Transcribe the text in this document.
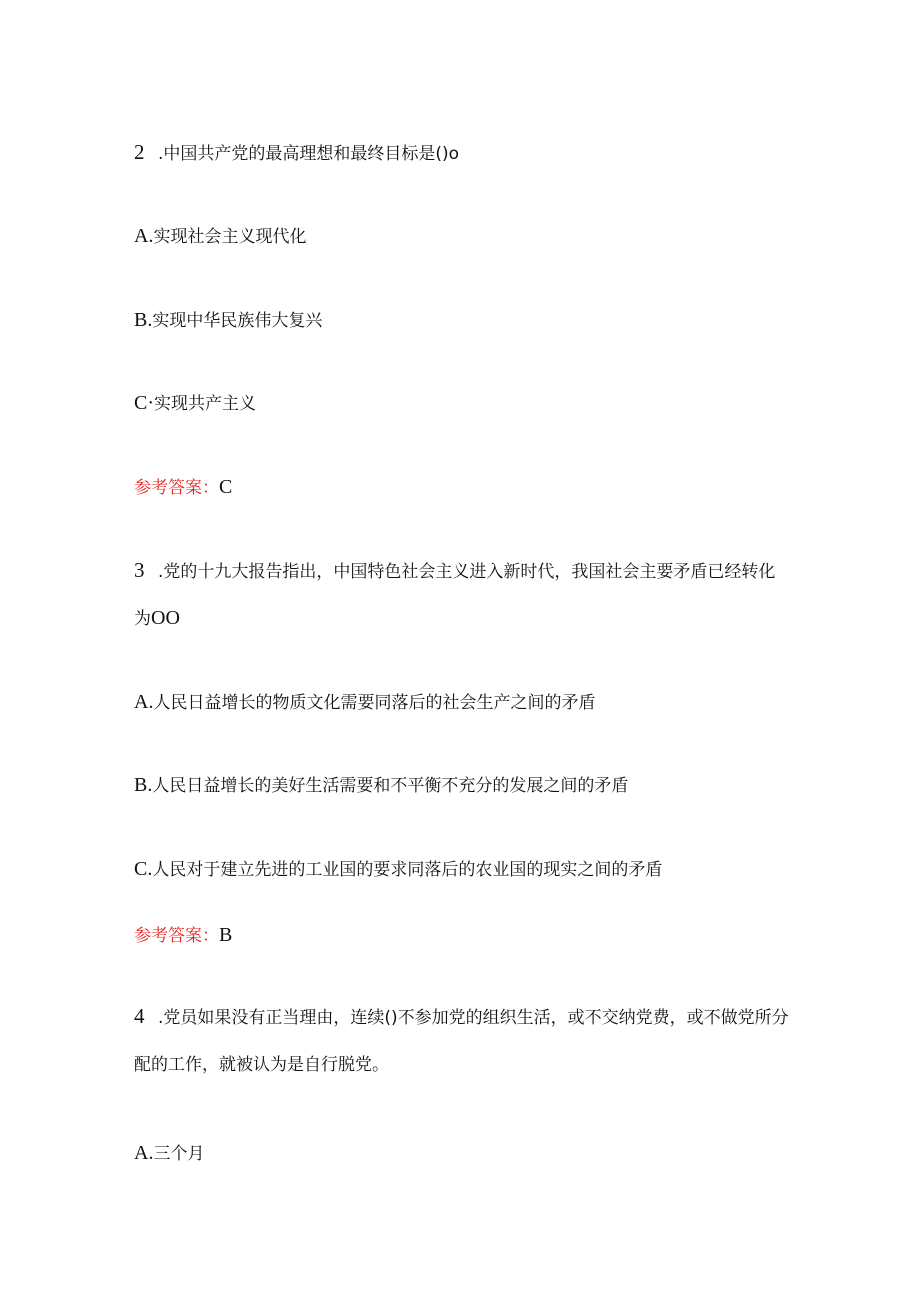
2 .中国共产党的最高理想和最终目标是()o
A.实现社会主义现代化
B.实现中华民族伟大复兴
C·实现共产主义
参考答案：C
3 .党的十九大报告指出，中国特色社会主义进入新时代，我国社会主要矛盾已经转化
为OO
A.人民日益增长的物质文化需要同落后的社会生产之间的矛盾
B.人民日益增长的美好生活需要和不平衡不充分的发展之间的矛盾
C.人民对于建立先进的工业国的要求同落后的农业国的现实之间的矛盾
参考答案：B
4 .党员如果没有正当理由，连续()不参加党的组织生活，或不交纳党费，或不做党所分
配的工作，就被认为是自行脱党。
A.三个月
